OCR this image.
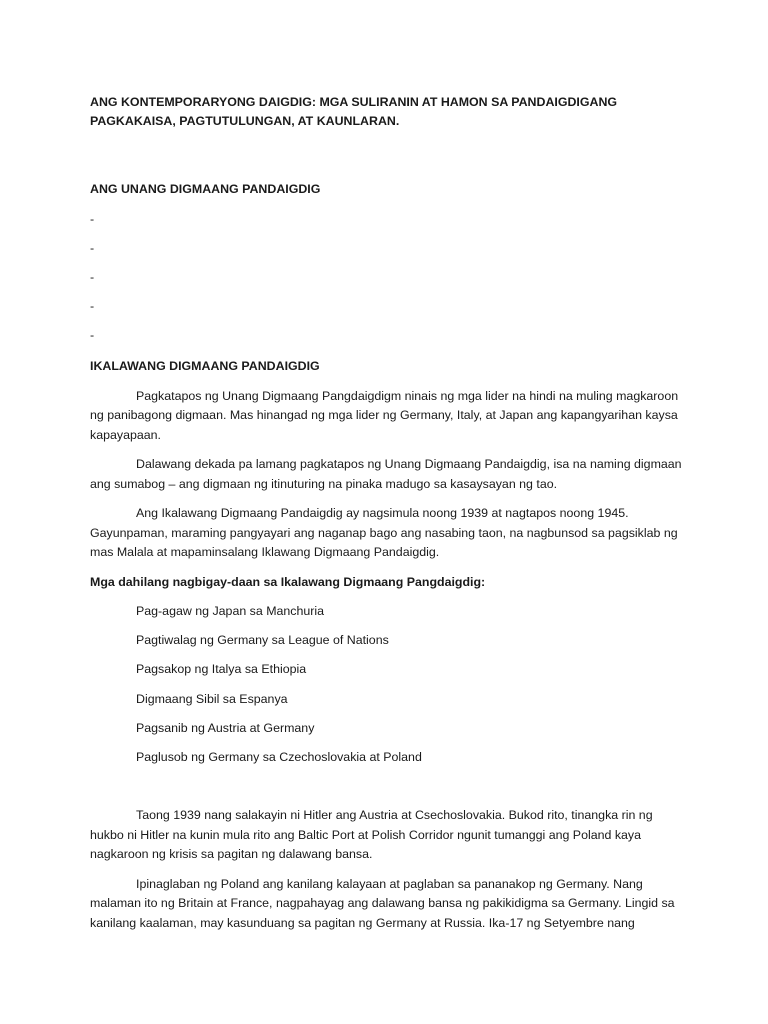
ANG KONTEMPORARYONG DAIGDIG: MGA SULIRANIN AT HAMON SA PANDAIGDIGANG PAGKAKAISA, PAGTUTULUNGAN, AT KAUNLARAN.
ANG UNANG DIGMAANG PANDAIGDIG
-
-
-
-
-
IKALAWANG DIGMAANG PANDAIGDIG

Pagkatapos ng Unang Digmaang Pangdaigdigm ninais ng mga lider na hindi na muling magkaroon ng panibagong digmaan. Mas hinangad ng mga lider ng Germany, Italy, at Japan ang kapangyarihan kaysa kapayapaan.

Dalawang dekada pa lamang pagkatapos ng Unang Digmaang Pandaigdig, isa na naming digmaan ang sumabog – ang digmaan ng itinuturing na pinaka madugo sa kasaysayan ng tao.

Ang Ikalawang Digmaang Pandaigdig ay nagsimula noong 1939 at nagtapos noong 1945. Gayunpaman, maraming pangyayari ang naganap bago ang nasabing taon, na nagbunsod sa pagsiklab ng mas Malala at mapaminsalang Iklawang Digmaang Pandaigdig.

Mga dahilang nagbigay-daan sa Ikalawang Digmaang Pangdaigdig:
Pag-agaw ng Japan sa Manchuria
Pagtiwalag ng Germany sa League of Nations
Pagsakop ng Italya sa Ethiopia
Digmaang Sibil sa Espanya
Pagsanib ng Austria at Germany
Paglusob ng Germany sa Czechoslovakia at Poland

Taong 1939 nang salakayin ni Hitler ang Austria at Csechoslovakia. Bukod rito, tinangka rin ng hukbo ni Hitler na kunin mula rito ang Baltic Port at Polish Corridor ngunit tumanggi ang Poland kaya nagkaroon ng krisis sa pagitan ng dalawang bansa.

Ipinaglaban ng Poland ang kanilang kalayaan at paglaban sa pananakop ng Germany. Nang malaman ito ng Britain at France, nagpahayag ang dalawang bansa ng pakikidigma sa Germany. Lingid sa kanilang kaalaman, may kasunduang sa pagitan ng Germany at Russia. Ika-17 ng Setyembre nang
